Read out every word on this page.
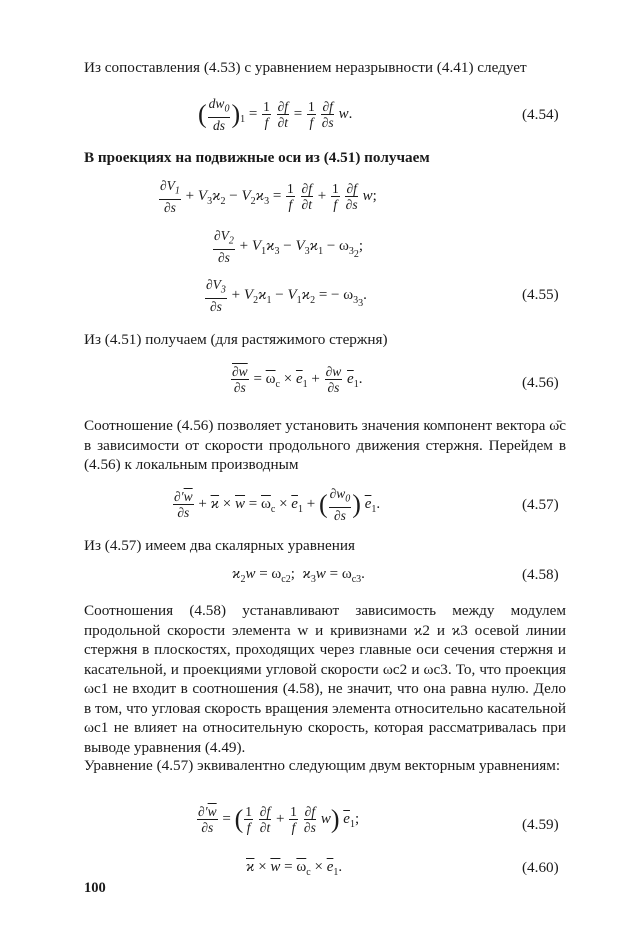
Из сопоставления (4.53) с уравнением неразрывности (4.41) следует

( $\frac{dw_0}{ds} )_1 = \frac{1}{f}$
$\frac{\partial f}{\partial t} = \frac{1}{f}$
$\frac{\partial f}{\partial s} w$.	(4.54)

В проекциях на подвижные оси из (4.51) получаем

$\frac{\partial V_1}{\partial s} + V_3ϰ_2 - V_2ϰ_3 = \frac{1}{f}$
$\frac{\partial f}{\partial t} + \frac{1}{f}$
$\frac{\partial f}{\partial s} w$;
$\frac{\partial V_2}{\partial s} + V_1ϰ_3 - V_3ϰ_1 - \omega_{3_2}$;
$\frac{\partial V_3}{\partial s} + V_2ϰ_1 - V_1ϰ_2$ = − $\omega_{3_3}$.	(4.55)

Из (4.51) получаем (для растяжимого стержня)

$\frac{\partial w}{\partial s} = \overline{\omega}_c \times \overline{e}_1 + \frac{\partial w}{\partial s} \overline{e}_1$.	(4.56)

Соотношение (4.56) позволяет установить значения компонент вектора ω̄c в зависимости от скорости продольного движения стержня. Перейдем в (4.56) к локальным производным

$\frac{\partial'\overline{w}}{\partial s} + \overline{ϰ} \times \overline{w} = \overline{\omega}_c \times \overline{e}_1$ + ( $\frac{\partial w_0}{\partial s}$ ) $\overline{e}_1$.	(4.57)

Из (4.57) имеем два скалярных уравнения

$ϰ_2w = \omega_{c2}$;  $ϰ_3w = \omega_{c3}$.	(4.58)

Соотношения (4.58) устанавливают зависимость между модулем продольной скорости элемента w и кривизнами ϰ2 и ϰ3 осевой линии стержня в плоскостях, проходящих через главные оси сечения стержня и касательной, и проекциями угловой скорости ωc2 и ωc3. То, что проекция ωc1 не входит в соотношения (4.58), не значит, что она равна нулю. Дело в том, что угловая скорость вращения элемента относительно касательной ωc1 не влияет на относительную скорость, которая рассматривалась при выводе уравнения (4.49).

Уравнение (4.57) эквивалентно следующим двум векторным уравнениям:

$\frac{\partial'\overline{w}}{\partial s}$ = ( $\frac{1}{f}$
$\frac{\partial f}{\partial t} + \frac{1}{f}$
$\frac{\partial f}{\partial s} w$) $\overline{e}_1$;	(4.59)
$\overline{ϰ} \times \overline{w} = \overline{\omega}_c \times \overline{e}_1$.	(4.60)
100
